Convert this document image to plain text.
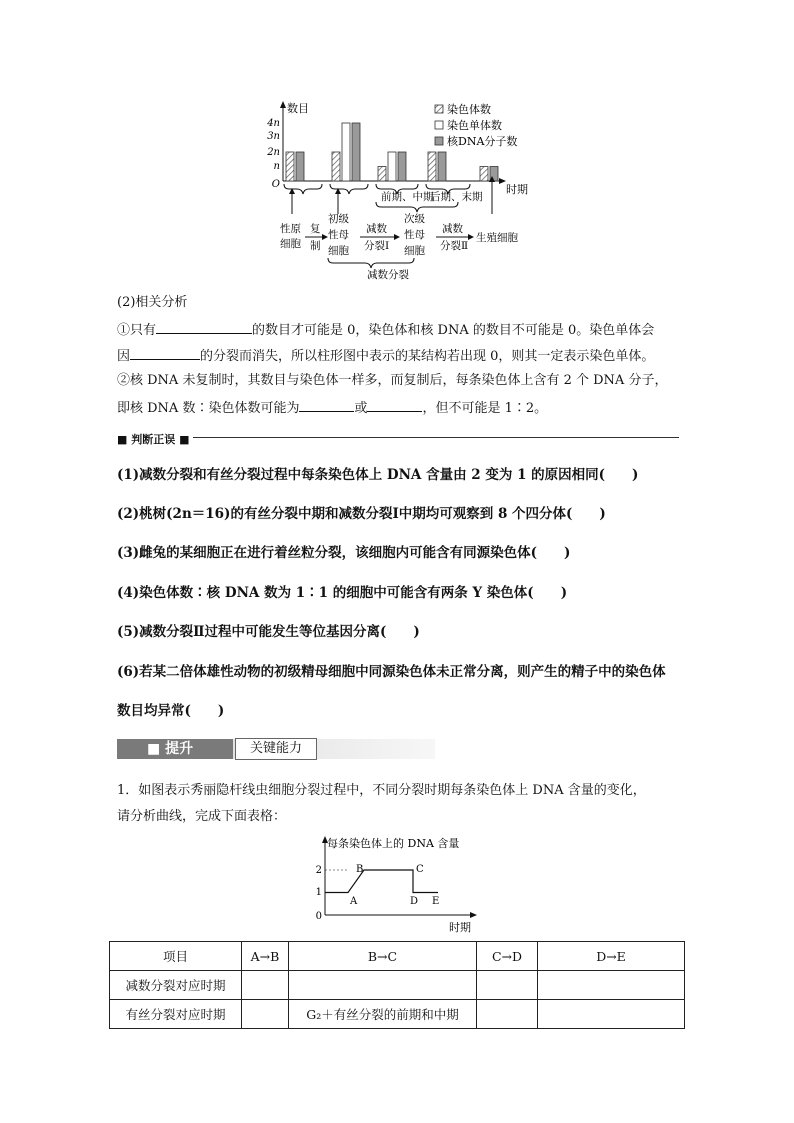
数目
时期
4n
3n
2n
n
O
染色体数
染色单体数
核DNA分子数
前期、中期
后期、末期
性原
细胞
复
制
初级
性母
细胞
减数
分裂Ⅰ
次级
性母
细胞
减数
分裂Ⅱ
生殖细胞
减数分裂
(2)相关分析
①只有	的数目才可能是 0，染色体和核 DNA 的数目不可能是 0。染色单体会
因	的分裂而消失，所以柱形图中表示的某结构若出现 0，则其一定表示染色单体。
②核 DNA 未复制时，其数目与染色体一样多，而复制后，每条染色体上含有 2 个 DNA 分子，
即核 DNA 数∶染色体数可能为	或	，但不可能是 1∶2。
■ 判断正误 ■
(1)减数分裂和有丝分裂过程中每条染色体上 DNA 含量由 2 变为 1 的原因相同(　　)
(2)桃树(2n＝16)的有丝分裂中期和减数分裂Ⅰ中期均可观察到 8 个四分体(　　)
(3)雌兔的某细胞正在进行着丝粒分裂，该细胞内可能含有同源染色体(　　)
(4)染色体数∶核 DNA 数为 1∶1 的细胞中可能含有两条 Y 染色体(　　)
(5)减数分裂Ⅱ过程中可能发生等位基因分离(　　)
(6)若某二倍体雄性动物的初级精母细胞中同源染色体未正常分离，则产生的精子中的染色体
数目均异常(　　)
■ 提升	关键能力
1．如图表示秀丽隐杆线虫细胞分裂过程中，不同分裂时期每条染色体上 DNA 含量的变化，
请分析曲线，完成下面表格：
每条染色体上的 DNA 含量
时期
2
1
0
A
B	C
D E
项目	A→B	B→C	C→D	D→E
减数分裂对应时期				
有丝分裂对应时期		G₂＋有丝分裂的前期和中期		
